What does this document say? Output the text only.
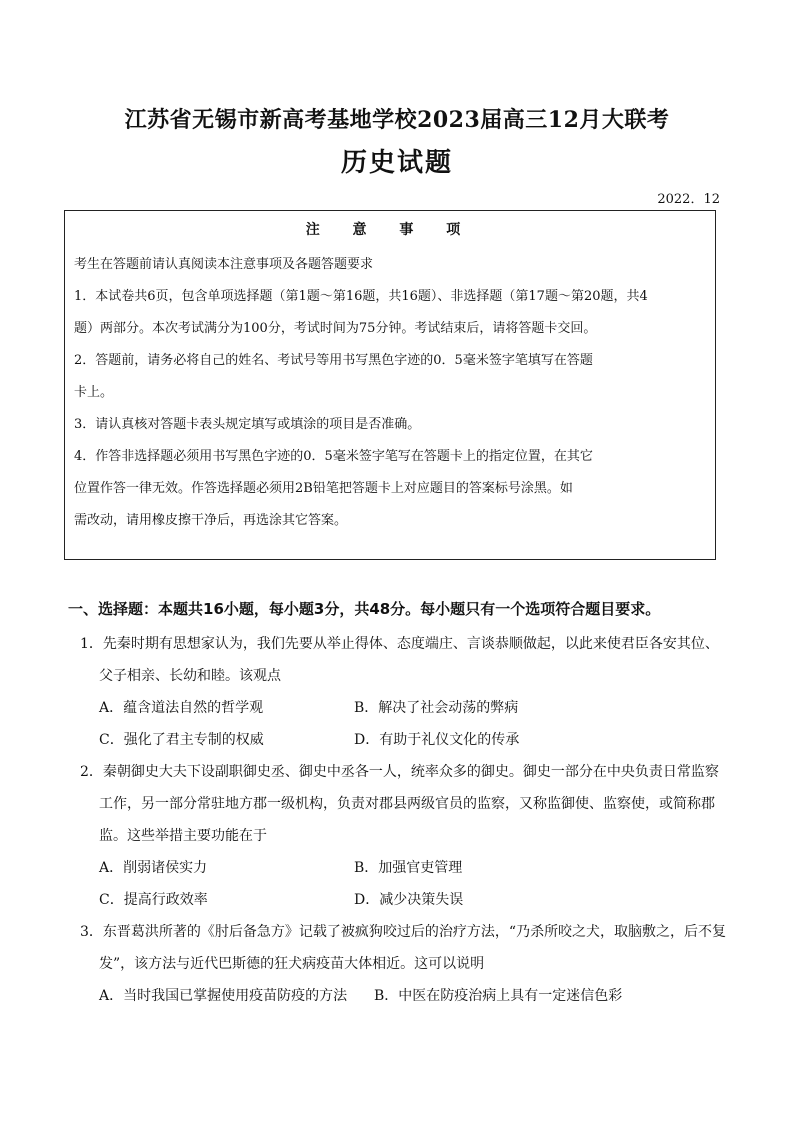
江苏省无锡市新高考基地学校2023届高三12月大联考
历史试题
2022．12
注 意 事 项
考生在答题前请认真阅读本注意事项及各题答题要求
1．本试卷共6页，包含单项选择题（第1题～第16题，共16题）、非选择题（第17题～第20题，共4
题）两部分。本次考试满分为100分，考试时间为75分钟。考试结束后，请将答题卡交回。
2．答题前，请务必将自己的姓名、考试号等用书写黑色字迹的0．5毫米签字笔填写在答题
卡上。
3．请认真核对答题卡表头规定填写或填涂的项目是否准确。
4．作答非选择题必须用书写黑色字迹的0．5毫米签字笔写在答题卡上的指定位置，在其它
位置作答一律无效。作答选择题必须用2B铅笔把答题卡上对应题目的答案标号涂黑。如
需改动，请用橡皮擦干净后，再选涂其它答案。
一、选择题：本题共16小题，每小题3分，共48分。每小题只有一个选项符合题目要求。
1．先秦时期有思想家认为，我们先要从举止得体、态度端庄、言谈恭顺做起，以此来使君臣各安其位、
父子相亲、长幼和睦。该观点
A．蕴含道法自然的哲学观	B．解决了社会动荡的弊病
C．强化了君主专制的权威	D．有助于礼仪文化的传承
2．秦朝御史大夫下设副职御史丞、御史中丞各一人，统率众多的御史。御史一部分在中央负责日常监察
工作，另一部分常驻地方郡一级机构，负责对郡县两级官员的监察，又称监御使、监察使，或简称郡
监。这些举措主要功能在于
A．削弱诸侯实力	B．加强官吏管理
C．提高行政效率	D．减少决策失误
3．东晋葛洪所著的《肘后备急方》记载了被疯狗咬过后的治疗方法，“乃杀所咬之犬，取脑敷之，后不复
发”，该方法与近代巴斯德的狂犬病疫苗大体相近。这可以说明
A．当时我国已掌握使用疫苗防疫的方法 B．中医在防疫治病上具有一定迷信色彩
